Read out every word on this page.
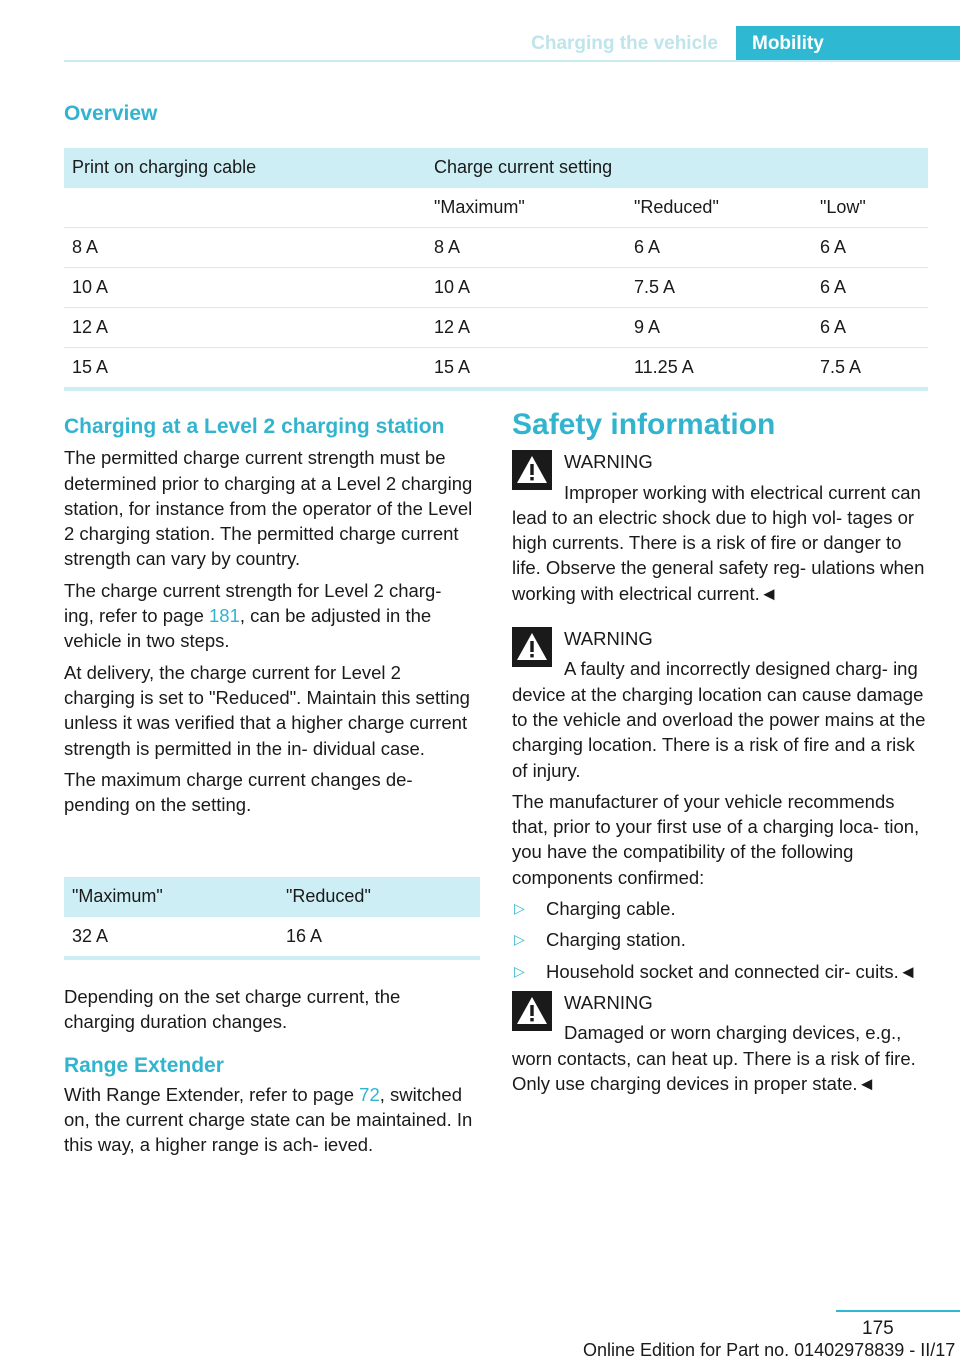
Charging the vehicle	Mobility
Overview
Print on charging cable	Charge current setting		
	"Maximum"	"Reduced"	"Low"
8 A	8 A	6 A	6 A
10 A	10 A	7.5 A	6 A
12 A	12 A	9 A	6 A
15 A	15 A	11.25 A	7.5 A
Charging at a Level 2 charging station

The permitted charge current strength must be determined prior to charging at a Level 2 charging station, for instance from the operator of the Level 2 charging station. The permitted charge current strength can vary by country.

The charge current strength for Level 2 charg‐ ing, refer to page 181, can be adjusted in the vehicle in two steps.

At delivery, the charge current for Level 2 charging is set to "Reduced". Maintain this setting unless it was verified that a higher charge current strength is permitted in the in‐ dividual case.

The maximum charge current changes de‐ pending on the setting.

"Maximum"	"Reduced"
32 A	16 A

Depending on the set charge current, the charging duration changes.

Range Extender

With Range Extender, refer to page 72, switched on, the current charge state can be maintained. In this way, a higher range is ach‐ ieved.

Safety information
WARNING
Improper working with electrical current can lead to an electric shock due to high vol‐ tages or high currents. There is a risk of fire or danger to life. Observe the general safety reg‐ ulations when working with electrical current.◄
WARNING
A faulty and incorrectly designed charg‐ ing device at the charging location can cause damage to the vehicle and overload the power mains at the charging location. There is a risk of fire and a risk of injury.

The manufacturer of your vehicle recommends that, prior to your first use of a charging loca‐ tion, you have the compatibility of the following components confirmed:

▷ Charging cable.
▷ Charging station.
▷ Household socket and connected cir‐ cuits.◄
WARNING
Damaged or worn charging devices, e.g., worn contacts, can heat up. There is a risk of fire. Only use charging devices in proper state.◄
175
Online Edition for Part no. 01402978839 - II/17
